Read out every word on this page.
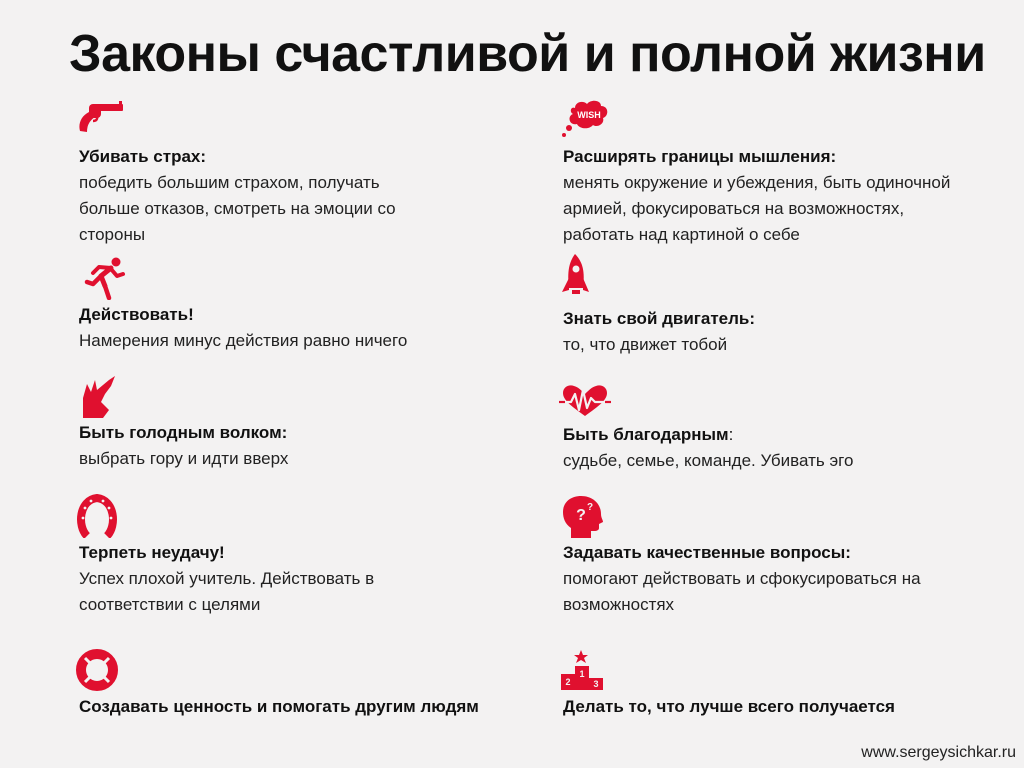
Законы счастливой и полной жизни
Убивать страх:
победить большим страхом, получать
больше отказов, смотреть на эмоции со
стороны
Действовать!
Намерения минус действия равно ничего
Быть голодным волком:
выбрать гору и идти вверх
Терпеть неудачу!
Успех плохой учитель. Действовать в
соответствии с целями
Создавать ценность и помогать другим людям
WISH
Расширять границы мышления:
менять окружение и убеждения, быть одиночной
армией, фокусироваться на возможностях,
работать над картиной о себе
Знать свой двигатель:
то, что движет тобой
Быть благодарным:
судьбе, семье, команде. Убивать эго
? ?
Задавать качественные вопросы:
помогают действовать и сфокусироваться на
возможностях
2
1
3
Делать то, что лучше всего получается
www.sergeysichkar.ru
